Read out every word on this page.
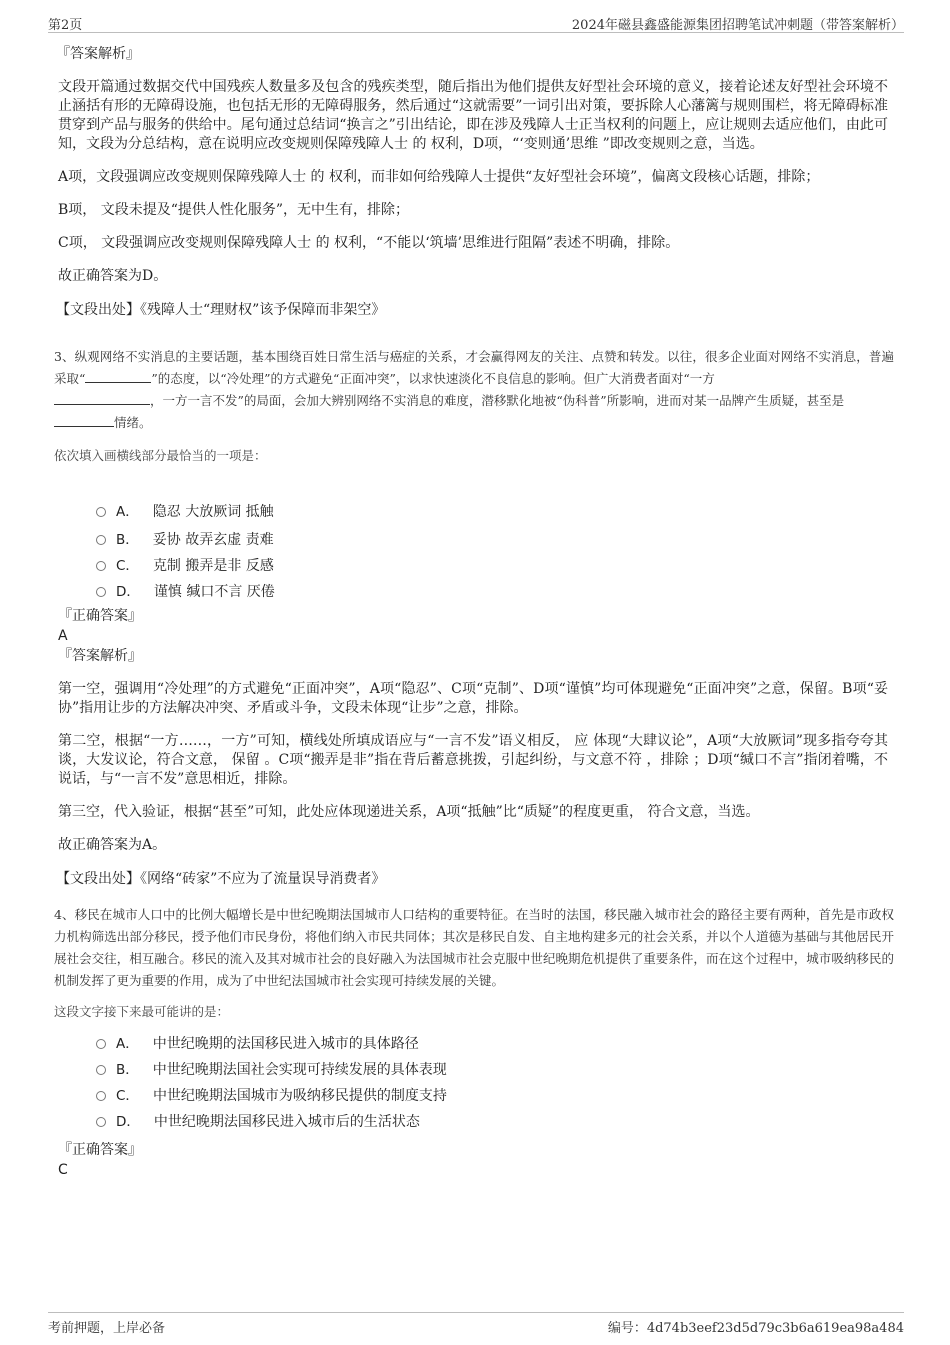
第2页	2024年磁县鑫盛能源集团招聘笔试冲刺题（带答案解析）
『答案解析』

文段开篇通过数据交代中国残疾人数量多及包含的残疾类型，随后指出为他们提供友好型社会环境的意义，接着论述友好型社会环境不止涵括有形的无障碍设施，也包括无形的无障碍服务，然后通过“这就需要”一词引出对策，要拆除人心藩篱与规则围栏，将无障碍标准贯穿到产品与服务的供给中。尾句通过总结词“换言之”引出结论，即在涉及残障人士正当权利的问题上，应让规则去适应他们，由此可知，文段为分总结构，意在说明应改变规则保障残障人士 的 权利，D项，“‘变则通’思维 ”即改变规则之意，当选。

A项，文段强调应改变规则保障残障人士 的 权利，而非如何给残障人士提供“友好型社会环境”，偏离文段核心话题，排除；

B项， 文段未提及“提供人性化服务”，无中生有，排除；

C项， 文段强调应改变规则保障残障人士 的 权利，“不能以‘筑墙’思维进行阻隔”表述不明确，排除。

故正确答案为D。

【文段出处】《残障人士“理财权”该予保障而非架空》

3、纵观网络不实消息的主要话题，基本围绕百姓日常生活与癌症的关系，才会赢得网友的关注、点赞和转发。以往，很多企业面对网络不实消息，普遍采取“	”的态度，以“冷处理”的方式避免“正面冲突”，以求快速淡化不良信息的影响。但广大消费者面对“一方
，一方一言不发”的局面，会加大辨别网络不实消息的难度，潜移默化地被“伪科普”所影响，进而对某一品牌产生质疑，甚至是
情绪。

依次填入画横线部分最恰当的一项是：

A． 隐忍 大放厥词 抵触
B． 妥协 故弄玄虚 责难
C． 克制 搬弄是非 反感
D． 谨慎 缄口不言 厌倦
『正确答案』
A
『答案解析』

第一空，强调用“冷处理”的方式避免“正面冲突”，A项“隐忍”、C项“克制”、D项“谨慎”均可体现避免“正面冲突”之意，保留。B项“妥协”指用让步的方法解决冲突、矛盾或斗争，文段未体现“让步”之意，排除。

第二空，根据“一方……，一方”可知，横线处所填成语应与“一言不发”语义相反， 应 体现“大肆议论”，A项“大放厥词”现多指夸夸其谈，大发议论，符合文意， 保留 。C项“搬弄是非”指在背后蓄意挑拨，引起纠纷，与文意不符 ，排除 ；D项“缄口不言”指闭着嘴，不说话，与“一言不发”意思相近，排除。

第三空，代入验证，根据“甚至”可知，此处应体现递进关系，A项“抵触”比“质疑”的程度更重， 符合文意，当选。

故正确答案为A。

【文段出处】《网络“砖家”不应为了流量误导消费者》

4、移民在城市人口中的比例大幅增长是中世纪晚期法国城市人口结构的重要特征。在当时的法国，移民融入城市社会的路径主要有两种，首先是市政权力机构筛选出部分移民，授予他们市民身份，将他们纳入市民共同体；其次是移民自发、自主地构建多元的社会关系，并以个人道德为基础与其他居民开展社会交往，相互融合。移民的流入及其对城市社会的良好融入为法国城市社会克服中世纪晚期危机提供了重要条件，而在这个过程中，城市吸纳移民的机制发挥了更为重要的作用，成为了中世纪法国城市社会实现可持续发展的关键。

这段文字接下来最可能讲的是：

A． 中世纪晚期的法国移民进入城市的具体路径
B． 中世纪晚期法国社会实现可持续发展的具体表现
C． 中世纪晚期法国城市为吸纳移民提供的制度支持
D． 中世纪晚期法国移民进入城市后的生活状态
『正确答案』
C
考前押题，上岸必备	编号：4d74b3eef23d5d79c3b6a619ea98a484
